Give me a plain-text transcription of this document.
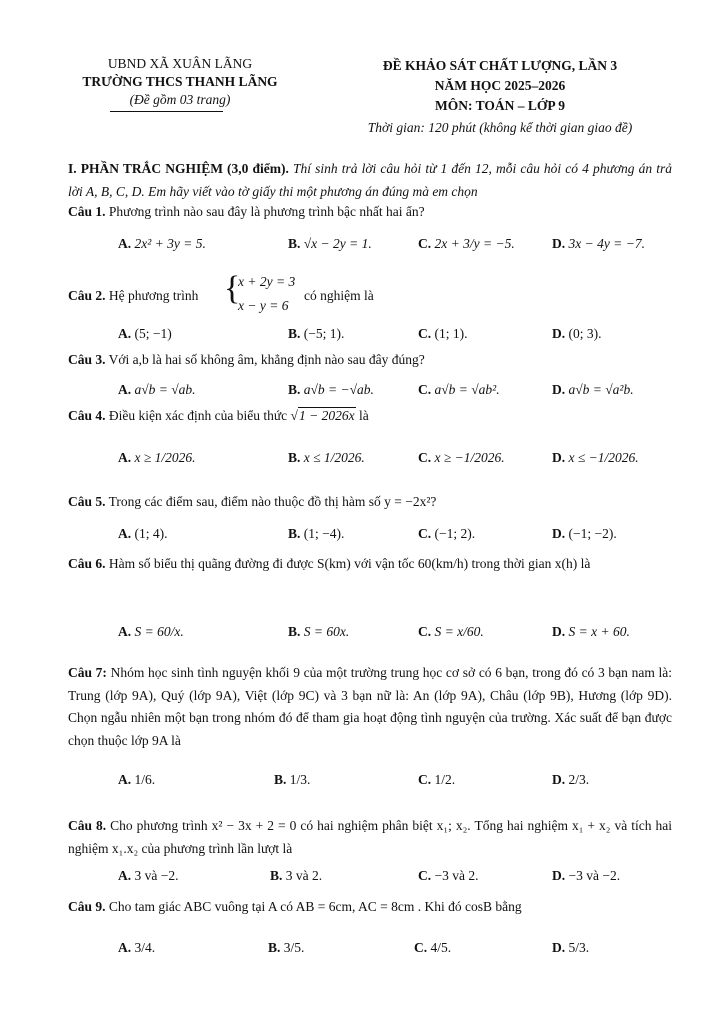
UBND XÃ XUÂN LÃNG
TRƯỜNG THCS THANH LÃNG
(Đề gồm 03 trang)
ĐỀ KHẢO SÁT CHẤT LƯỢNG, LẦN 3
NĂM HỌC 2025–2026
MÔN: TOÁN – LỚP 9
Thời gian: 120 phút (không kể thời gian giao đề)
I. PHẦN TRẮC NGHIỆM (3,0 điểm). Thí sinh trả lời câu hỏi từ 1 đến 12, mỗi câu hỏi có 4 phương án trả lời A, B, C, D. Em hãy viết vào tờ giấy thi một phương án đúng mà em chọn
Câu 1. Phương trình nào sau đây là phương trình bậc nhất hai ẩn?
A. 2x² + 3y = 5.	B. √x − 2y = 1.	C. 2x + 3/y = −5.	D. 3x − 4y = −7.
Câu 2. Hệ phương trình {
x + 2y = 3
x − y = 6
có nghiệm là
A. (5; −1)	B. (−5; 1).	C. (1; 1).	D. (0; 3).
Câu 3. Với a,b là hai số không âm, khẳng định nào sau đây đúng?
A. a√b = √ab.	B. a√b = −√ab.	C. a√b = √ab².	D. a√b = √a²b.
Câu 4. Điều kiện xác định của biểu thức √1 − 2026x là
A. x ≥ 1/2026.	B. x ≤ 1/2026.	C. x ≥ −1/2026.	D. x ≤ −1/2026.
Câu 5. Trong các điểm sau, điểm nào thuộc đồ thị hàm số y = −2x²?
A. (1; 4).	B. (1; −4).	C. (−1; 2).	D. (−1; −2).
Câu 6. Hàm số biểu thị quãng đường đi được S(km) với vận tốc 60(km/h) trong thời gian x(h) là
A. S = 60/x.	B. S = 60x.	C. S = x/60.	D. S = x + 60.
Câu 7: Nhóm học sinh tình nguyện khối 9 của một trường trung học cơ sở có 6 bạn, trong đó có 3 bạn nam là: Trung (lớp 9A), Quý (lớp 9A), Việt (lớp 9C) và 3 bạn nữ là: An (lớp 9A), Châu (lớp 9B), Hương (lớp 9D). Chọn ngẫu nhiên một bạn trong nhóm đó để tham gia hoạt động tình nguyện của trường. Xác suất để bạn được chọn thuộc lớp 9A là
A. 1/6.	B. 1/3.	C. 1/2.	D. 2/3.
Câu 8. Cho phương trình x² − 3x + 2 = 0 có hai nghiệm phân biệt x₁; x₂. Tổng hai nghiệm x₁ + x₂ và tích hai nghiệm x₁.x₂ của phương trình lần lượt là
A. 3 và −2.	B. 3 và 2.	C. −3 và 2.	D. −3 và −2.
Câu 9. Cho tam giác ABC vuông tại A có AB = 6cm, AC = 8cm . Khi đó cosB bằng
A. 3/4.	B. 3/5.	C. 4/5.	D. 5/3.
